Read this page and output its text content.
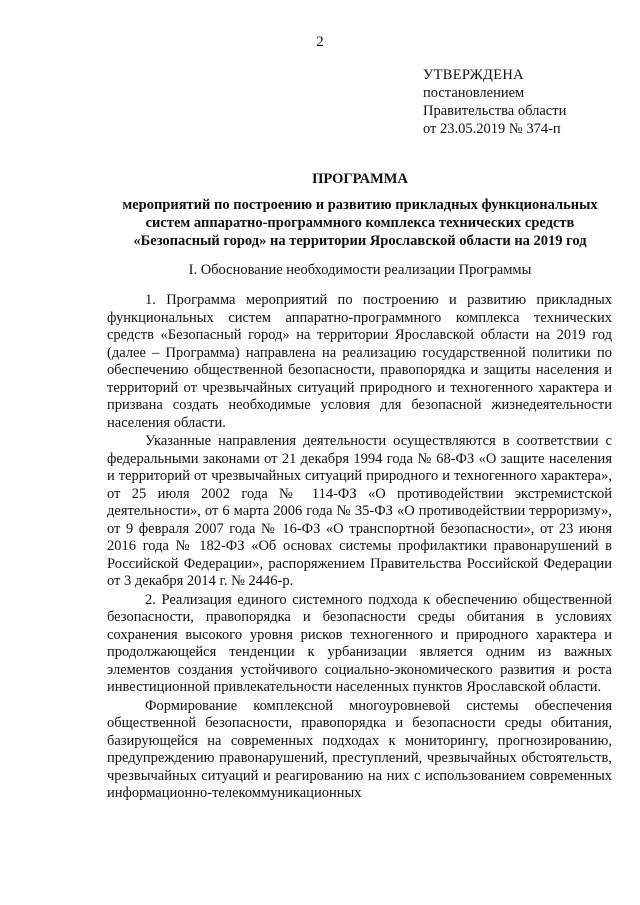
2
УТВЕРЖДЕНА
постановлением
Правительства области
от 23.05.2019 № 374-п
ПРОГРАММА
мероприятий по построению и развитию прикладных функциональных
систем аппаратно-программного комплекса технических средств
«Безопасный город» на территории Ярославской области на 2019 год
I. Обоснование необходимости реализации Программы

1. Программа мероприятий по построению и развитию прикладных функциональных систем аппаратно-программного комплекса технических средств «Безопасный город» на территории Ярославской области на 2019 год (далее – Программа) направлена на реализацию государственной политики по обеспечению общественной безопасности, правопорядка и защиты населения и территорий от чрезвычайных ситуаций природного и техногенного характера и призвана создать необходимые условия для безопасной жизнедеятельности населения области.

Указанные направления деятельности осуществляются в соответствии с федеральными законами от 21 декабря 1994 года № 68-ФЗ «О защите населения и территорий от чрезвычайных ситуаций природного и техногенного характера», от 25 июля 2002 года № 114-ФЗ «О противодействии экстремистской деятельности», от 6 марта 2006 года № 35-ФЗ «О противодействии терроризму», от 9 февраля 2007 года № 16-ФЗ «О транспортной безопасности», от 23 июня 2016 года № 182-ФЗ «Об основах системы профилактики правонарушений в Российской Федерации», распоряжением Правительства Российской Федерации от 3 декабря 2014 г. № 2446-р.

2. Реализация единого системного подхода к обеспечению общественной безопасности, правопорядка и безопасности среды обитания в условиях сохранения высокого уровня рисков техногенного и природного характера и продолжающейся тенденции к урбанизации является одним из важных элементов создания устойчивого социально-экономического развития и роста инвестиционной привлекательности населенных пунктов Ярославской области.

Формирование комплексной многоуровневой системы обеспечения общественной безопасности, правопорядка и безопасности среды обитания, базирующейся на современных подходах к мониторингу, прогнозированию, предупреждению правонарушений, преступлений, чрезвычайных обстоятельств, чрезвычайных ситуаций и реагированию на них с использованием современных информационно-телекоммуникационных
